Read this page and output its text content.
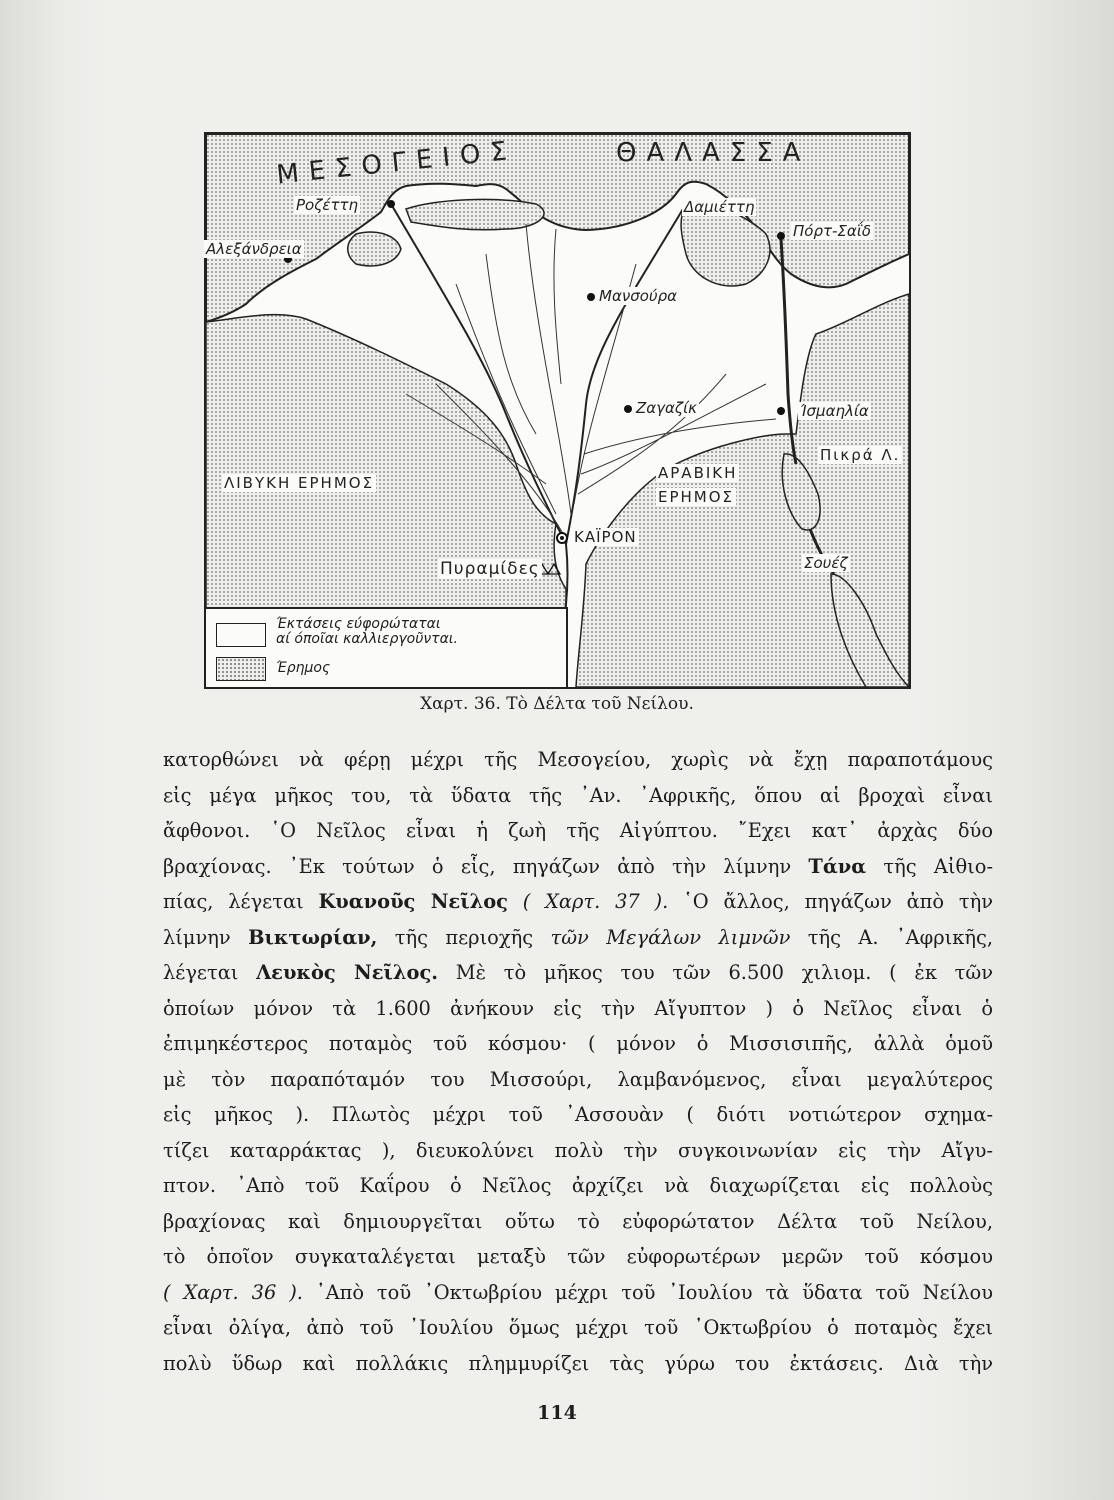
ΜΕΣΟΓΕΙΟΣ	ΘΑΛΑΣΣΑ
Ροζέττη
Αλεξάνδρεια
Δαμιέττη
Πόρτ-Σαΐδ
Μανσούρα
Ζαγαζίκ	Ίσμαηλία
Πικρά Λ.
ΚΑΪΡΟΝ
Σουέζ
Πυραμίδες
ΛΙΒΥΚΗ ΕΡΗΜΟΣ
ΑΡΑΒΙΚΗ
ΕΡΗΜΟΣ
Έκτάσεις εύφορώταται
αί όποῖαι καλλιεργοῦνται.
Έρημος
Χαρτ. 36. Τὸ Δέλτα τοῦ Νείλου.
κατορθώνει νὰ φέρῃ μέχρι τῆς Μεσογείου, χωρὶς νὰ ἔχῃ παραποτάμους
εἰς μέγα μῆκος του, τὰ ὕδατα τῆς ᾿Αν. ᾿Αφρικῆς, ὅπου αἱ βροχαὶ εἶναι
ἄφθονοι. ῾Ο Νεῖλος εἶναι ἡ ζωὴ τῆς Αἰγύπτου. ῎Εχει κατ᾿ ἀρχὰς δύο
βραχίονας. ᾿Εκ τούτων ὁ εἷς, πηγάζων ἀπὸ τὴν λίμνην Τάνα τῆς Αἰθιο-
πίας, λέγεται Κυανοῦς Νεῖλος ( Χαρτ. 37 ). ῾Ο ἄλλος, πηγάζων ἀπὸ τὴν
λίμνην Βικτωρίαν, τῆς περιοχῆς τῶν Μεγάλων λιμνῶν τῆς Α. ᾿Αφρικῆς,
λέγεται Λευκὸς Νεῖλος. Μὲ τὸ μῆκος του τῶν 6.500 χιλιομ. ( ἐκ τῶν
ὁποίων μόνον τὰ 1.600 ἀνήκουν εἰς τὴν Αἴγυπτον ) ὁ Νεῖλος εἶναι ὁ
ἐπιμηκέστερος ποταμὸς τοῦ κόσμου· ( μόνον ὁ Μισσισιπῆς, ἀλλὰ ὁμοῦ
μὲ τὸν παραπόταμόν του Μισσούρι, λαμβανόμενος, εἶναι μεγαλύτερος
εἰς μῆκος ). Πλωτὸς μέχρι τοῦ ᾿Ασσουὰν ( διότι νοτιώτερον σχημα-
τίζει καταρράκτας ), διευκολύνει πολὺ τὴν συγκοινωνίαν εἰς τὴν Αἴγυ-
πτον. ᾿Απὸ τοῦ Καΐρου ὁ Νεῖλος ἀρχίζει νὰ διαχωρίζεται εἰς πολλοὺς
βραχίονας καὶ δημιουργεῖται οὕτω τὸ εὐφορώτατον Δέλτα τοῦ Νείλου,
τὸ ὁποῖον συγκαταλέγεται μεταξὺ τῶν εὐφορωτέρων μερῶν τοῦ κόσμου
( Χαρτ. 36 ). ᾿Απὸ τοῦ ᾿Οκτωβρίου μέχρι τοῦ ᾿Ιουλίου τὰ ὕδατα τοῦ Νείλου
εἶναι ὀλίγα, ἀπὸ τοῦ ᾿Ιουλίου ὅμως μέχρι τοῦ ᾿Οκτωβρίου ὁ ποταμὸς ἔχει
πολὺ ὕδωρ καὶ πολλάκις πλημμυρίζει τὰς γύρω του ἐκτάσεις. Διὰ τὴν
114
